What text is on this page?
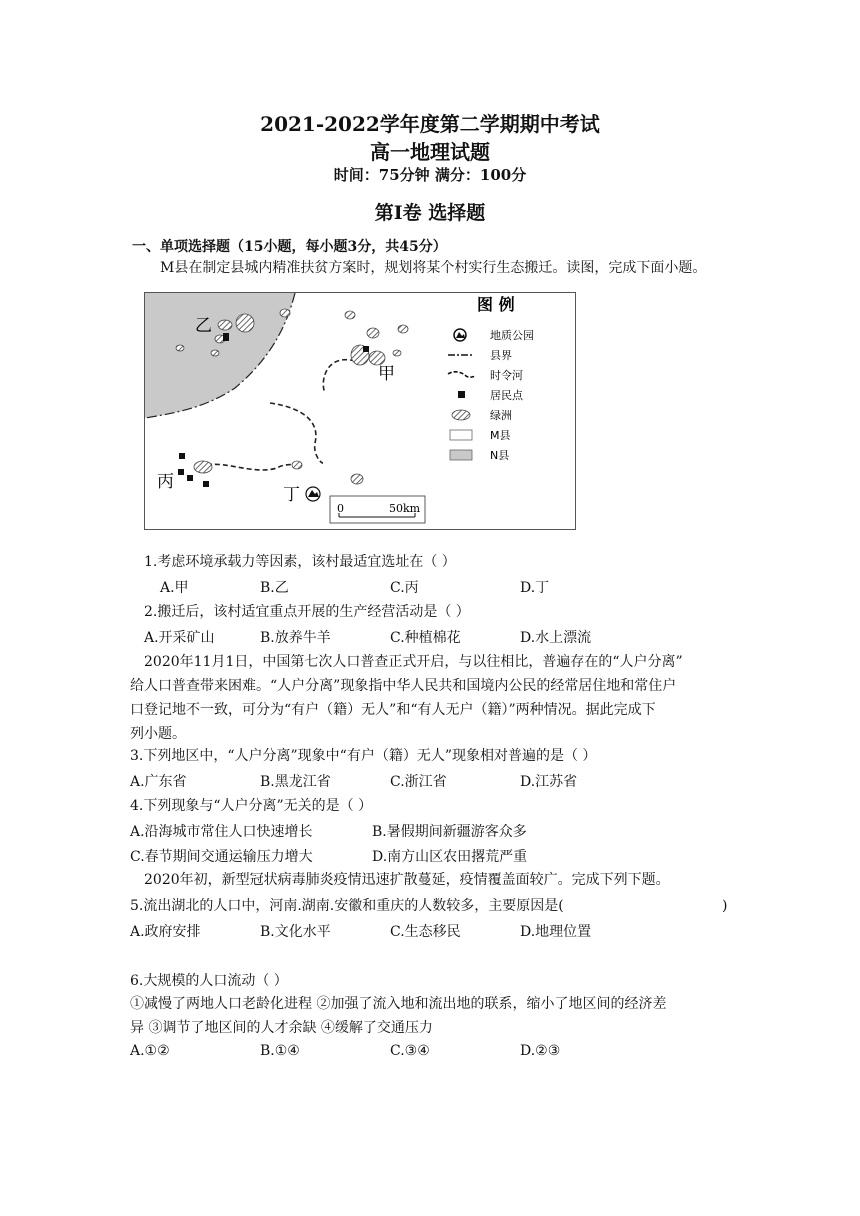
2021-2022学年度第二学期期中考试
高一地理试题
时间：75分钟 满分：100分
第Ⅰ卷 选择题
一、单项选择题（15小题，每小题3分，共45分）
M县在制定县城内精准扶贫方案时，规划将某个村实行生态搬迁。读图，完成下面小题。
乙
甲
丙
丁
0	50km
图 例
地质公园
县界
时令河
居民点
绿洲
M县
N县
1.考虑环境承载力等因素，该村最适宜选址在（ ）
A.甲	B.乙	C.丙	D.丁
2.搬迁后，该村适宜重点开展的生产经营活动是（ ）
A.开采矿山	B.放养牛羊	C.种植棉花	D.水上漂流
2020年11月1日，中国第七次人口普查正式开启，与以往相比，普遍存在的“人户分离”
给人口普查带来困难。“人户分离”现象指中华人民共和国境内公民的经常居住地和常住户
口登记地不一致，可分为“有户（籍）无人”和“有人无户（籍）”两种情况。据此完成下
列小题。
3.下列地区中，“人户分离”现象中“有户（籍）无人”现象相对普遍的是（ ）
A.广东省	B.黑龙江省	C.浙江省	D.江苏省
4.下列现象与“人户分离”无关的是（ ）
A.沿海城市常住人口快速增长	B.暑假期间新疆游客众多
C.春节期间交通运输压力增大	D.南方山区农田撂荒严重
2020年初，新型冠状病毒肺炎疫情迅速扩散蔓延，疫情覆盖面较广。完成下列下题。
5.流出湖北的人口中，河南.湖南.安徽和重庆的人数较多，主要原因是(	)
A.政府安排	B.文化水平	C.生态移民	D.地理位置
6.大规模的人口流动（ ）
①减慢了两地人口老龄化进程 ②加强了流入地和流出地的联系，缩小了地区间的经济差
异 ③调节了地区间的人才余缺 ④缓解了交通压力
A.①②	B.①④	C.③④	D.②③
